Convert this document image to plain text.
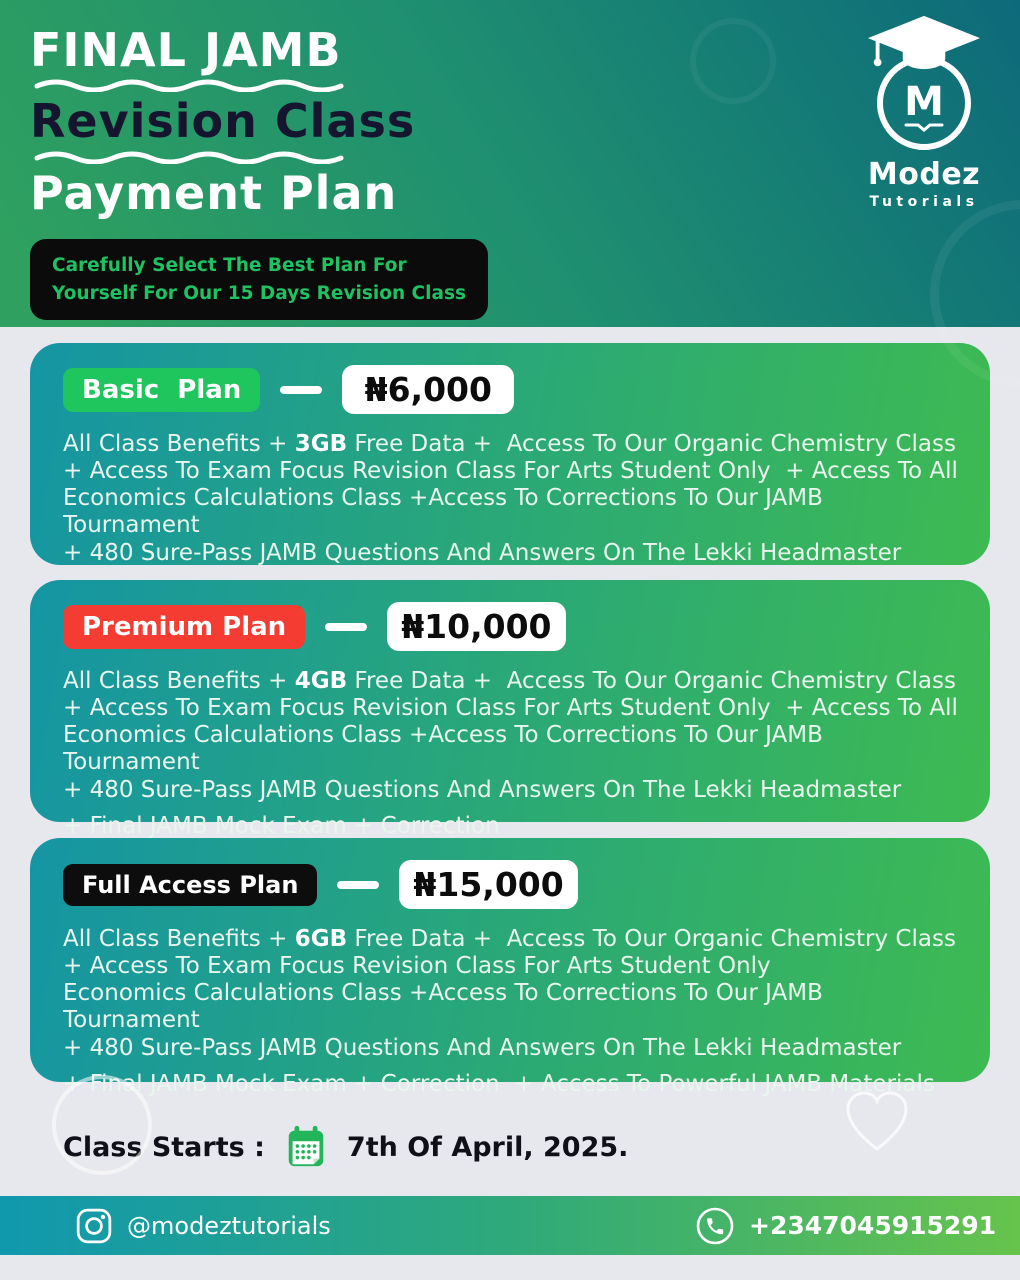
FINAL JAMB
Revision Class
Payment Plan
Carefully Select The Best Plan For
Yourself For Our 15 Days Revision Class
M
Modez
Tutorials
Basic  Plan	₦6,000

All Class Benefits + 3GB Free Data +  Access To Our Organic Chemistry Class

+ Access To Exam Focus Revision Class For Arts Student Only  + Access To All

Economics Calculations Class +Access To Corrections To Our JAMB Tournament

+ 480 Sure-Pass JAMB Questions And Answers On The Lekki Headmaster

Premium Plan	₦10,000

All Class Benefits + 4GB Free Data +  Access To Our Organic Chemistry Class

+ Access To Exam Focus Revision Class For Arts Student Only  + Access To All

Economics Calculations Class +Access To Corrections To Our JAMB Tournament

+ 480 Sure-Pass JAMB Questions And Answers On The Lekki Headmaster

+ Final JAMB Mock Exam + Correction

Full Access Plan	₦15,000

All Class Benefits + 6GB Free Data +  Access To Our Organic Chemistry Class

+ Access To Exam Focus Revision Class For Arts Student Only

Economics Calculations Class +Access To Corrections To Our JAMB Tournament

+ 480 Sure-Pass JAMB Questions And Answers On The Lekki Headmaster

+ Final JAMB Mock Exam + Correction  + Access To Powerful JAMB Materials

Class Starts :	7th Of April, 2025.
@modeztutorials	+2347045915291
